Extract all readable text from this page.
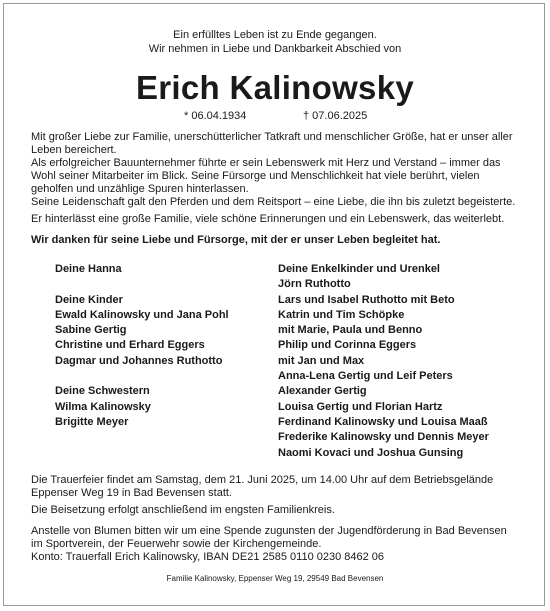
Ein erfülltes Leben ist zu Ende gegangen.
Wir nehmen in Liebe und Dankbarkeit Abschied von
Erich Kalinowsky
* 06.04.1934	† 07.06.2025
Mit großer Liebe zur Familie, unerschütterlicher Tatkraft und menschlicher Größe, hat er unser aller Leben bereichert.
Als erfolgreicher Bauunternehmer führte er sein Lebenswerk mit Herz und Verstand – immer das Wohl seiner Mitarbeiter im Blick. Seine Fürsorge und Menschlichkeit hat viele berührt, vielen geholfen und unzählige Spuren hinterlassen.
Seine Leidenschaft galt den Pferden und dem Reitsport – eine Liebe, die ihn bis zuletzt begeisterte.
Er hinterlässt eine große Familie, viele schöne Erinnerungen und ein Lebenswerk, das weiterlebt.
Wir danken für seine Liebe und Fürsorge, mit der er unser Leben begleitet hat.
Deine Hanna
Deine Kinder
Ewald Kalinowsky und Jana Pohl
Sabine Gertig
Christine und Erhard Eggers
Dagmar und Johannes Ruthotto
Deine Schwestern
Wilma Kalinowsky
Brigitte Meyer
Deine Enkelkinder und Urenkel
Jörn Ruthotto
Lars und Isabel Ruthotto mit Beto
Katrin und Tim Schöpke
mit Marie, Paula und Benno
Philip und Corinna Eggers
mit Jan und Max
Anna-Lena Gertig und Leif Peters
Alexander Gertig
Louisa Gertig und Florian Hartz
Ferdinand Kalinowsky und Louisa Maaß
Frederike Kalinowsky und Dennis Meyer
Naomi Kovaci und Joshua Gunsing
Die Trauerfeier findet am Samstag, dem 21. Juni 2025, um 14.00 Uhr auf dem Betriebsgelände Eppenser Weg 19 in Bad Bevensen statt.
Die Beisetzung erfolgt anschließend im engsten Familienkreis.
Anstelle von Blumen bitten wir um eine Spende zugunsten der Jugendförderung in Bad Bevensen im Sportverein, der Feuerwehr sowie der Kirchengemeinde.
Konto: Trauerfall Erich Kalinowsky, IBAN DE21 2585 0110 0230 8462 06
Familie Kalinowsky, Eppenser Weg 19, 29549 Bad Bevensen
